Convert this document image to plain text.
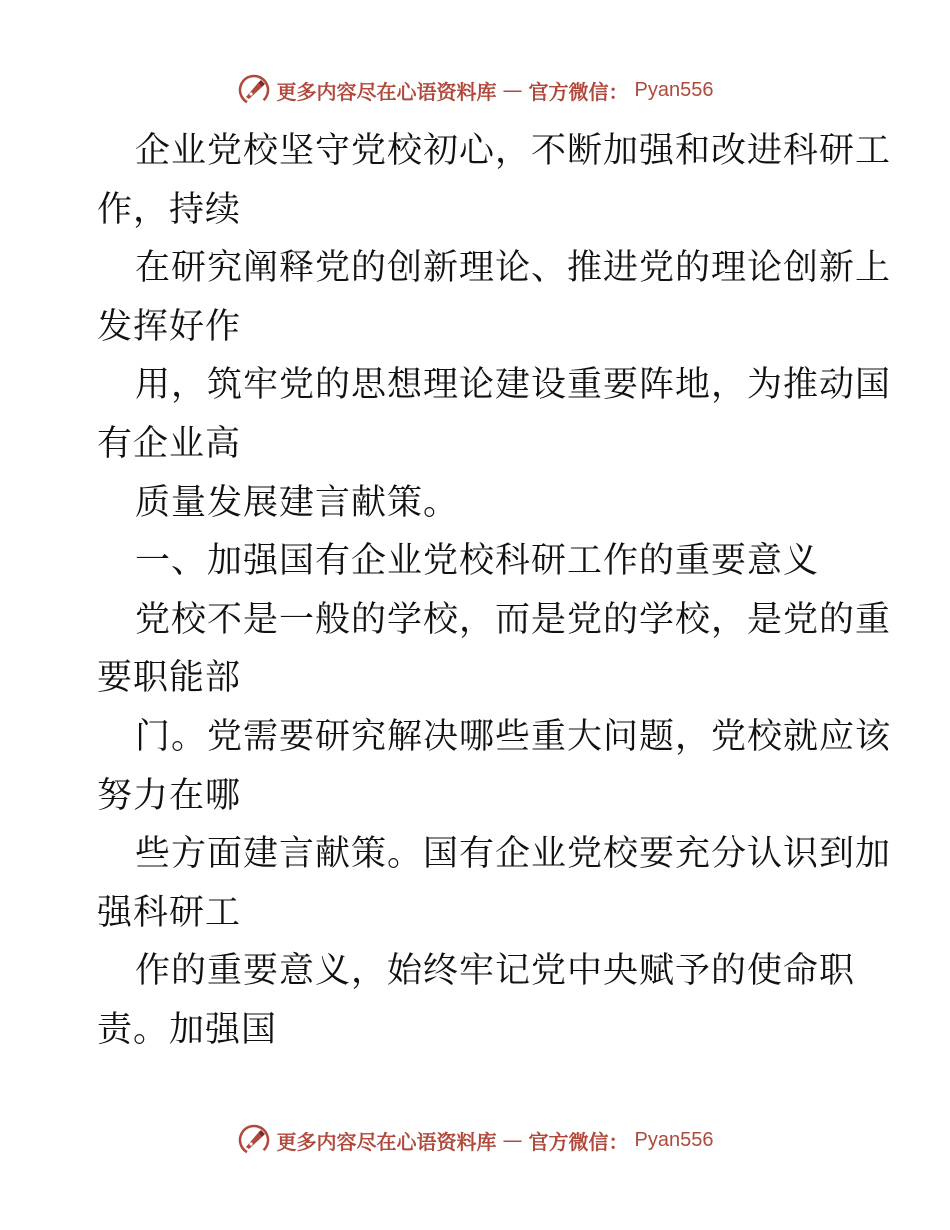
更多内容尽在心语资料库 — 官方微信： Pyan556
企业党校坚守党校初心，不断加强和改进科研工
作，持续
在研究阐释党的创新理论、推进党的理论创新上
发挥好作
用，筑牢党的思想理论建设重要阵地，为推动国
有企业高
质量发展建言献策。
一、加强国有企业党校科研工作的重要意义
党校不是一般的学校，而是党的学校，是党的重
要职能部
门。党需要研究解决哪些重大问题，党校就应该
努力在哪
些方面建言献策。国有企业党校要充分认识到加
强科研工
作的重要意义，始终牢记党中央赋予的使命职
责。加强国
更多内容尽在心语资料库 — 官方微信： Pyan556
